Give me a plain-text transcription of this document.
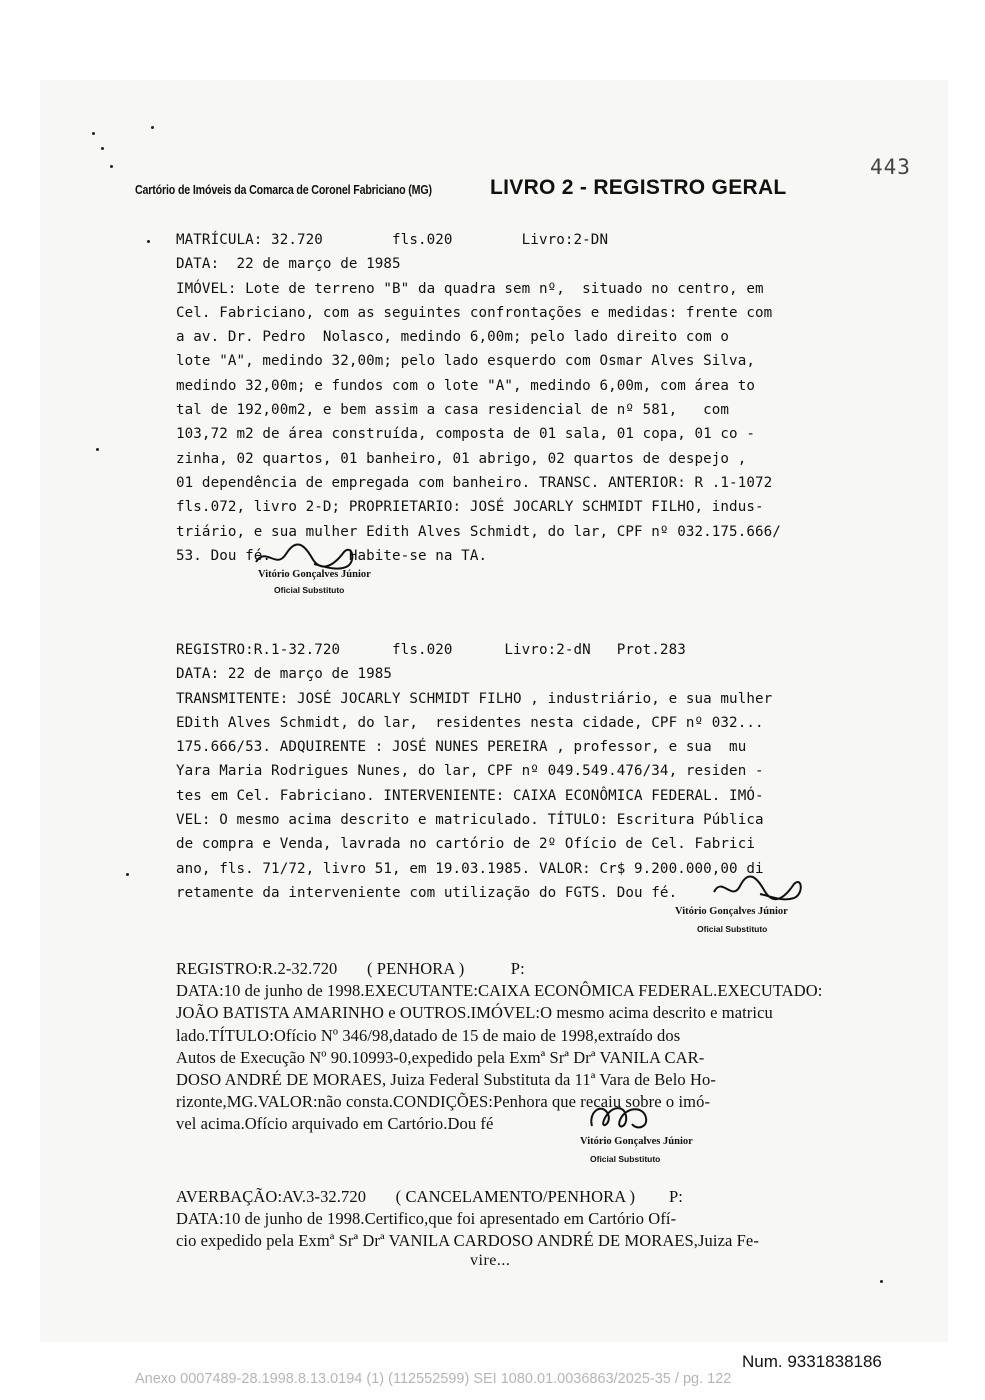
Cartório de Imóveis da Comarca de Coronel Fabriciano (MG)	LIVRO 2 - REGISTRO GERAL
443
MATRÍCULA: 32.720        fls.020        Livro:2-DN
DATA:  22 de março de 1985
IMÓVEL: Lote de terreno "B" da quadra sem nº,  situado no centro, em
Cel. Fabriciano, com as seguintes confrontações e medidas: frente com
a av. Dr. Pedro  Nolasco, medindo 6,00m; pelo lado direito com o
lote "A", medindo 32,00m; pelo lado esquerdo com Osmar Alves Silva,
medindo 32,00m; e fundos com o lote "A", medindo 6,00m, com área to
tal de 192,00m2, e bem assim a casa residencial de nº 581,   com
103,72 m2 de área construída, composta de 01 sala, 01 copa, 01 co -
zinha, 02 quartos, 01 banheiro, 01 abrigo, 02 quartos de despejo ,
01 dependência de empregada com banheiro. TRANSC. ANTERIOR: R .1-1072
fls.072, livro 2-D; PROPRIETARIO: JOSÉ JOCARLY SCHMIDT FILHO, indus-
triário, e sua mulher Edith Alves Schmidt, do lar, CPF nº 032.175.666/
53. Dou fé.         Habite-se na TA.
Vitório Gonçalves Júnior
Oficial Substituto
REGISTRO:R.1-32.720      fls.020      Livro:2-dN   Prot.283
DATA: 22 de março de 1985
TRANSMITENTE: JOSÉ JOCARLY SCHMIDT FILHO , industriário, e sua mulher
EDith Alves Schmidt, do lar,  residentes nesta cidade, CPF nº 032...
175.666/53. ADQUIRENTE : JOSÉ NUNES PEREIRA , professor, e sua  mu
Yara Maria Rodrigues Nunes, do lar, CPF nº 049.549.476/34, residen -
tes em Cel. Fabriciano. INTERVENIENTE: CAIXA ECONÔMICA FEDERAL. IMÓ-
VEL: O mesmo acima descrito e matriculado. TÍTULO: Escritura Pública
de compra e Venda, lavrada no cartório de 2º Ofício de Cel. Fabrici
ano, fls. 71/72, livro 51, em 19.03.1985. VALOR: Cr$ 9.200.000,00 di
retamente da interveniente com utilização do FGTS. Dou fé.
Vitório Gonçalves Júnior
Oficial Substituto
REGISTRO:R.2-32.720       ( PENHORA )           P:
DATA:10 de junho de 1998.EXECUTANTE:CAIXA ECONÔMICA FEDERAL.EXECUTADO:
JOÃO BATISTA AMARINHO e OUTROS.IMÓVEL:O mesmo acima descrito e matricu
lado.TÍTULO:Ofício Nº 346/98,datado de 15 de maio de 1998,extraído dos
Autos de Execução Nº 90.10993-0,expedido pela Exmª Srª Drª VANILA CAR-
DOSO ANDRÉ DE MORAES, Juiza Federal Substituta da 11ª Vara de Belo Ho-
rizonte,MG.VALOR:não consta.CONDIÇÕES:Penhora que recaiu sobre o imó-
vel acima.Ofício arquivado em Cartório.Dou fé
Vitório Gonçalves Júnior
Oficial Substituto
AVERBAÇÃO:AV.3-32.720       ( CANCELAMENTO/PENHORA )        P:
DATA:10 de junho de 1998.Certifico,que foi apresentado em Cartório Ofí-
cio expedido pela Exmª Srª Drª VANILA CARDOSO ANDRÉ DE MORAES,Juiza Fe-
vire...
Num. 9331838186
Anexo 0007489-28.1998.8.13.0194 (1) (112552599) SEI 1080.01.0036863/2025-35 / pg. 122
